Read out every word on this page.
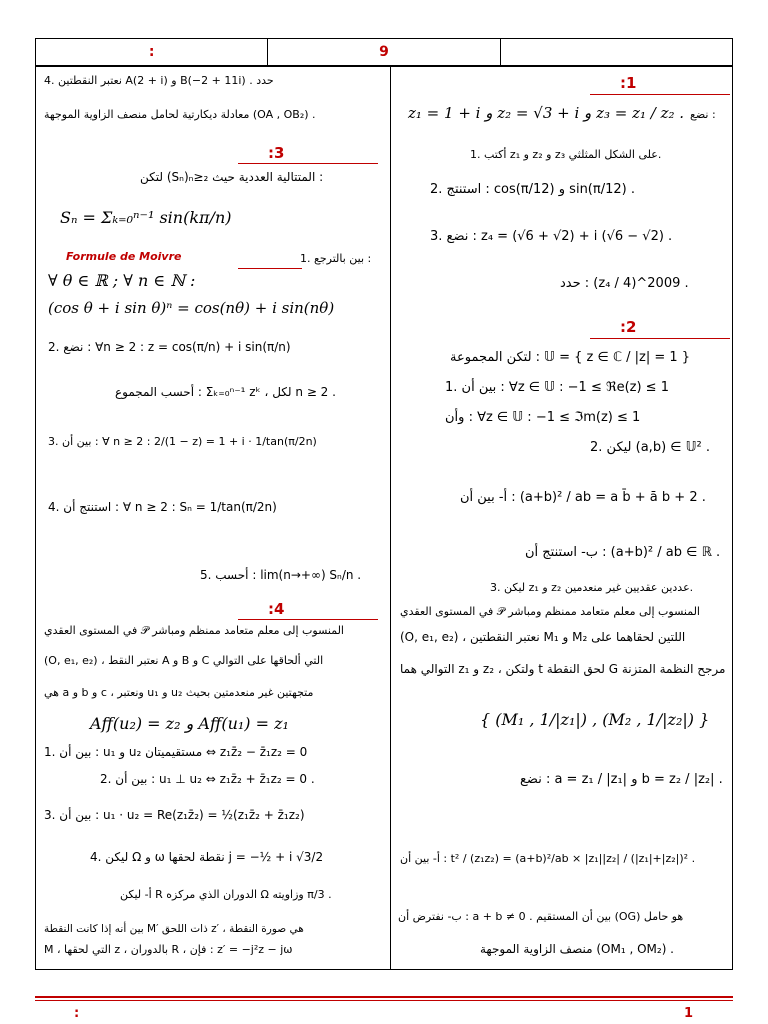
:	9
:1
z₁ = 1 + i و z₂ = √3 + i و z₃ = z₁ / z₂ . نضع :
1. أكتب z₁ و z₂ و z₃ على الشكل المثلثي.
2. استنتج : cos(π/12) و sin(π/12) .
3. نضع : z₄ = (√6 + √2) + i (√6 − √2) .
حدد : (z₄ / 4)^2009 .
:2
لتكن المجموعة : 𝕌 = { z ∈ ℂ / |z| = 1 }
1. بين أن : ∀z ∈ 𝕌 : −1 ≤ ℜe(z) ≤ 1
وأن : ∀z ∈ 𝕌 : −1 ≤ ℑm(z) ≤ 1
2. ليكن (a,b) ∈ 𝕌² .
أ- بين أن : (a+b)² / ab = a b̄ + ā b + 2 .
ب- استنتج أن : (a+b)² / ab ∈ ℝ .
3. ليكن z₁ و z₂ عددين عقديين غير منعدمين.
في المستوى العقدي 𝒫 المنسوب إلى معلم متعامد ممنظم ومباشر
(O, e₁, e₂) ، نعتبر النقطتين M₁ و M₂ اللتين لحقاهما على
التوالي هما z₁ و z₂ ، ولتكن t لحق النقطة G مرجح النظمة المتزنة
{ (M₁ , 1/|z₁|) , (M₂ , 1/|z₂|) }
نضع : a = z₁ / |z₁| و b = z₂ / |z₂| .
أ- بين أن : t² / (z₁z₂) = (a+b)²/ab × |z₁||z₂| / (|z₁|+|z₂|)² .
ب- نفترض أن : a + b ≠ 0 . بين أن المستقيم (OG) هو حامل
منصف الزاوية الموجهة (OM₁ , OM₂) .
4. نعتبر النقطتين A(2 + i) و B(−2 + 11i) . حدد
معادلة ديكارتية لحامل منصف الزاوية الموجهة (OA , OB₂) .
:3
لتكن (Sₙ)ₙ≥₂ المتتالية العددية حيث :
Sₙ = Σₖ₌₀ⁿ⁻¹ sin(kπ/n)
Formule de Moivre	1. بين بالترجع :
∀ θ ∈ ℝ ; ∀ n ∈ ℕ :
(cos θ + i sin θ)ⁿ = cos(nθ) + i sin(nθ)
2. نضع : ∀n ≥ 2 : z = cos(π/n) + i sin(π/n)
أحسب المجموع : Σₖ₌₀ⁿ⁻¹ zᵏ ، لكل n ≥ 2 .
3. بين أن : ∀ n ≥ 2 : 2/(1 − z) = 1 + i · 1/tan(π/2n)
4. استنتج أن : ∀ n ≥ 2 : Sₙ = 1/tan(π/2n)
5. أحسب : lim(n→+∞) Sₙ/n .
:4
في المستوى العقدي 𝒫 المنسوب إلى معلم متعامد ممنظم ومباشر
(O, e₁, e₂) ، نعتبر النقط A و B و C التي ألحاقها على التوالي
هي a و b و c ، ونعتبر u₁ و u₂ متجهتين غير منعدمتين بحيث
Aff(u₂) = z₂ و Aff(u₁) = z₁
1. بين أن : u₁ و u₂ مستقيميتان ⇔ z₁z̄₂ − z̄₁z₂ = 0
2. بين أن : u₁ ⊥ u₂ ⇔ z₁z̄₂ + z̄₁z₂ = 0 .
3. بين أن : u₁ · u₂ = Re(z₁z̄₂) = ½(z₁z̄₂ + z̄₁z₂)
4. ليكن Ω و ω نقطة لحقها j = −½ + i √3/2
أ- ليكن R الدوران الذي مركزه Ω وزاويته π/3 .
بين أنه إذا كانت النقطة M′ ذات اللحق z′ ، هي صورة النقطة
M ، التي لحقها z ، بالدوران R ، فإن : z′ = −j²z − jω
:	1
